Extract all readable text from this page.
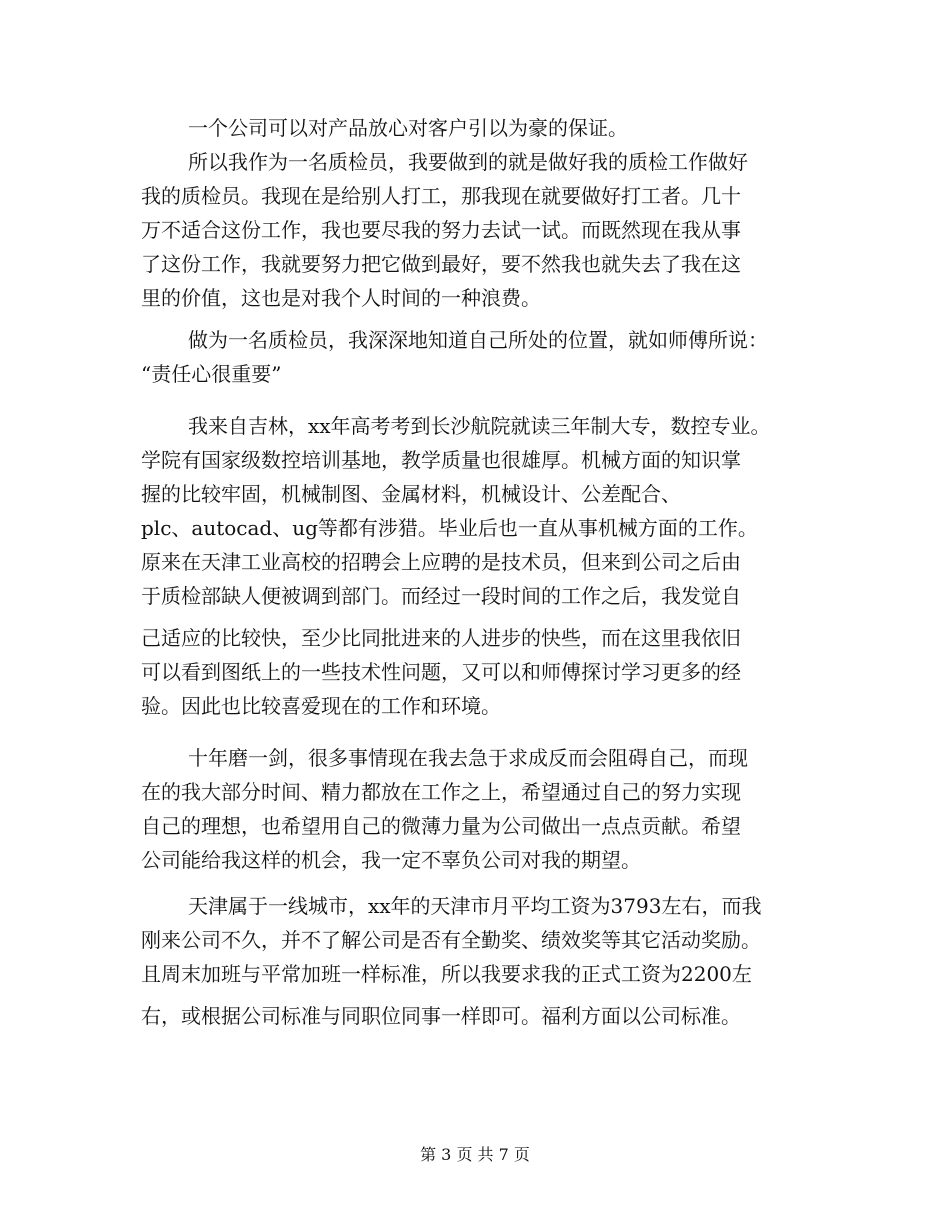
一个公司可以对产品放心对客户引以为豪的保证。
所以我作为一名质检员，我要做到的就是做好我的质检工作做好
我的质检员。我现在是给别人打工，那我现在就要做好打工者。几十
万不适合这份工作，我也要尽我的努力去试一试。而既然现在我从事
了这份工作，我就要努力把它做到最好，要不然我也就失去了我在这
里的价值，这也是对我个人时间的一种浪费。
做为一名质检员，我深深地知道自己所处的位置，就如师傅所说：
“责任心很重要”
我来自吉林，xx年高考考到长沙航院就读三年制大专，数控专业。
学院有国家级数控培训基地，教学质量也很雄厚。机械方面的知识掌
握的比较牢固，机械制图、金属材料，机械设计、公差配合、
plc、autocad、ug等都有涉猎。毕业后也一直从事机械方面的工作。
原来在天津工业高校的招聘会上应聘的是技术员，但来到公司之后由
于质检部缺人便被调到部门。而经过一段时间的工作之后，我发觉自
己适应的比较快，至少比同批进来的人进步的快些，而在这里我依旧
可以看到图纸上的一些技术性问题，又可以和师傅探讨学习更多的经
验。因此也比较喜爱现在的工作和环境。
十年磨一剑，很多事情现在我去急于求成反而会阻碍自己，而现
在的我大部分时间、精力都放在工作之上，希望通过自己的努力实现
自己的理想，也希望用自己的微薄力量为公司做出一点点贡献。希望
公司能给我这样的机会，我一定不辜负公司对我的期望。
天津属于一线城市，xx年的天津市月平均工资为3793左右，而我
刚来公司不久，并不了解公司是否有全勤奖、绩效奖等其它活动奖励。
且周末加班与平常加班一样标准，所以我要求我的正式工资为2200左
右，或根据公司标准与同职位同事一样即可。福利方面以公司标准。
第 3 页 共 7 页
